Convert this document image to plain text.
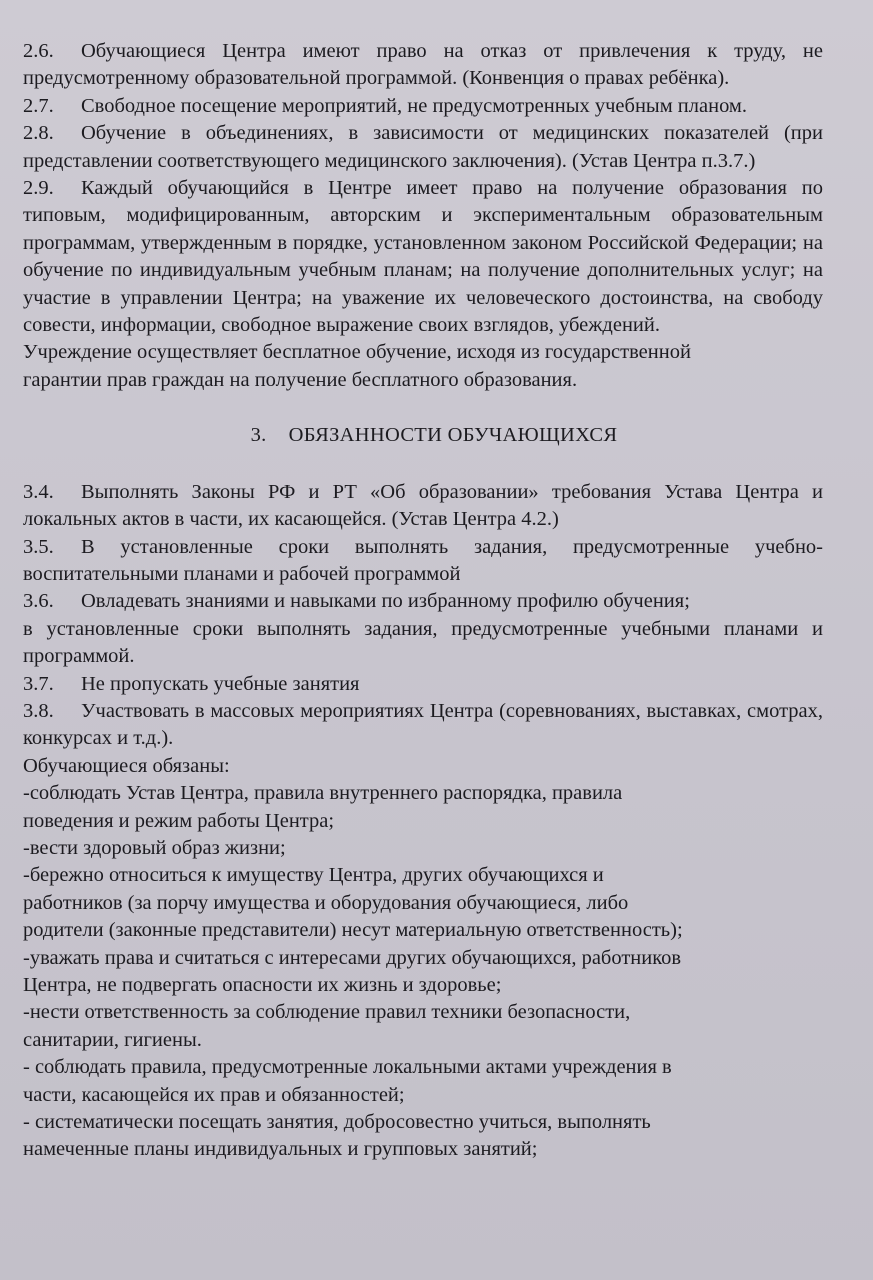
2.6. Обучающиеся Центра имеют право на отказ от привлечения к труду, не предусмотренному образовательной программой. (Конвенция о правах ребёнка).

2.7. Свободное посещение мероприятий, не предусмотренных учебным планом.

2.8. Обучение в объединениях, в зависимости от медицинских показателей (при представлении соответствующего медицинского заключения). (Устав Центра п.3.7.)

2.9. Каждый обучающийся в Центре имеет право на получение образования по типовым, модифицированным, авторским и экспериментальным образовательным программам, утвержденным в порядке, установленном законом Российской Федерации; на обучение по индивидуальным учебным планам; на получение дополнительных услуг; на участие в управлении Центра; на уважение их человеческого достоинства, на свободу совести, информации, свободное выражение своих взглядов, убеждений.

Учреждение осуществляет бесплатное обучение, исходя из государственной
гарантии прав граждан на получение бесплатного образования.

3. ОБЯЗАННОСТИ ОБУЧАЮЩИХСЯ

3.4. Выполнять Законы РФ и РТ «Об образовании» требования Устава Центра и локальных актов в части, их касающейся. (Устав Центра 4.2.)

3.5. В установленные сроки выполнять задания, предусмотренные учебно-воспитательными планами и рабочей программой

3.6. Овладевать знаниями и навыками по избранному профилю обучения;
в установленные сроки выполнять задания, предусмотренные учебными планами и программой.

3.7. Не пропускать учебные занятия

3.8. Участвовать в массовых мероприятиях Центра (соревнованиях, выставках, смотрах, конкурсах и т.д.).

Обучающиеся обязаны:

-соблюдать Устав Центра, правила внутреннего распорядка, правила
поведения и режим работы Центра;

-вести здоровый образ жизни;

-бережно относиться к имуществу Центра, других обучающихся и
работников (за порчу имущества и оборудования обучающиеся, либо
родители (законные представители) несут материальную ответственность);

-уважать права и считаться с интересами других обучающихся, работников
Центра, не подвергать опасности их жизнь и здоровье;

-нести ответственность за соблюдение правил техники безопасности,
санитарии, гигиены.

- соблюдать правила, предусмотренные локальными актами учреждения в
части, касающейся их прав и обязанностей;

- систематически посещать занятия, добросовестно учиться, выполнять
намеченные планы индивидуальных и групповых занятий;
